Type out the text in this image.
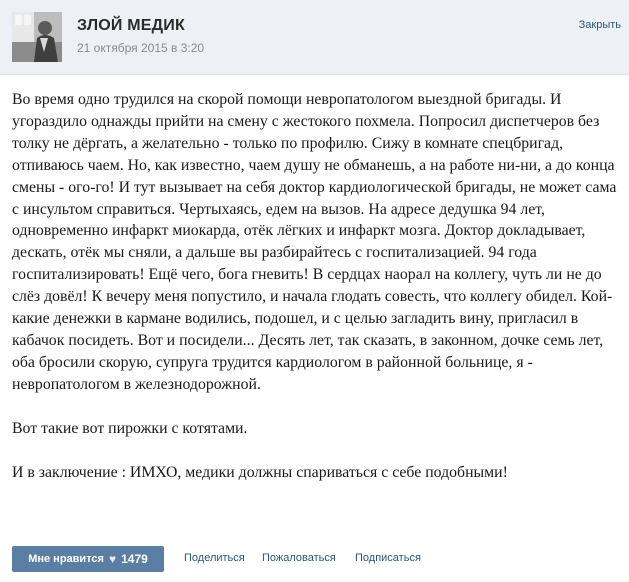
ЗЛОЙ МЕДИК
21 октября 2015 в 3:20
Закрыть

Во время одно трудился на скорой помощи невропатологом выездной бригады. И угораздило однажды прийти на смену с жестокого похмела. Попросил диспетчеров без толку не дёргать, а желательно - только по профилю. Сижу в комнате спецбригад, отпиваюсь чаем. Но, как известно, чаем душу не обманешь, а на работе ни-ни, а до конца смены - ого-го! И тут вызывает на себя доктор кардиологической бригады, не может сама с инсультом справиться. Чертыхаясь, едем на вызов. На адресе дедушка 94 лет, одновременно инфаркт миокарда, отёк лёгких и инфаркт мозга. Доктор докладывает, дескать, отёк мы сняли, а дальше вы разбирайтесь с госпитализацией. 94 года госпитализировать! Ещё чего, бога гневить! В сердцах наорал на коллегу, чуть ли не до слёз довёл! К вечеру меня попустило, и начала глодать совесть, что коллегу обидел. Кой-какие денежки в кармане водились, подошел, и с целью загладить вину, пригласил в кабачок посидеть. Вот и посидели... Десять лет, так сказать, в законном, дочке семь лет, оба бросили скорую, супруга трудится кардиологом в районной больнице, я - невропатологом в железнодорожной.

Вот такие вот пирожки с котятами.

И в заключение : ИМХО, медики должны спариваться с себе подобными!

Мне нравится ♥ 1479	Поделиться Пожаловаться Подписаться
